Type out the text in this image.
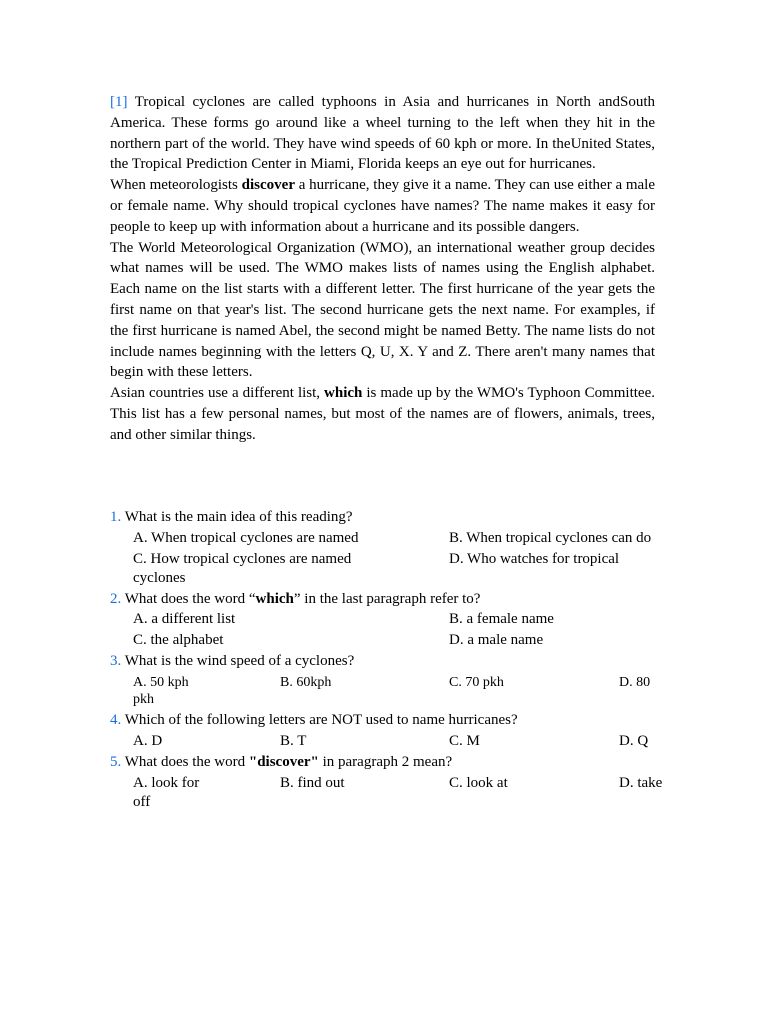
[1] Tropical cyclones are called typhoons in Asia and hurricanes in North andSouth America. These forms go around like a wheel turning to the left when they hit in the northern part of the world. They have wind speeds of 60 kph or more. In theUnited States, the Tropical Prediction Center in Miami, Florida keeps an eye out for hurricanes.

When meteorologists discover a hurricane, they give it a name. They can use either a male or female name. Why should tropical cyclones have names? The name makes it easy for people to keep up with information about a hurricane and its possible dangers.

The World Meteorological Organization (WMO), an international weather group decides what names will be used. The WMO makes lists of names using the English alphabet. Each name on the list starts with a different letter. The first hurricane of the year gets the first name on that year's list. The second hurricane gets the next name. For examples, if the first hurricane is named Abel, the second might be named Betty. The name lists do not include names beginning with the letters Q, U, X. Y and Z. There aren't many names that begin with these letters.

Asian countries use a different list, which is made up by the WMO's Typhoon Committee. This list has a few personal names, but most of the names are of flowers, animals, trees, and other similar things.

1. What is the main idea of this reading?
A. When tropical cyclones are named	B. When tropical cyclones can do
C. How tropical cyclones are named	D. Who watches for tropical
cyclones
2. What does the word “which” in the last paragraph refer to?
A. a different list	B. a female name
C. the alphabet	D. a male name
3. What is the wind speed of a cyclones?
A. 50 kph	B. 60kph	C. 70 pkh	D. 80
pkh
4. Which of the following letters are NOT used to name hurricanes?
A. D	B. T	C. M	D. Q
5. What does the word "discover" in paragraph 2 mean?
A. look for	B. find out	C. look at	D. take
off
